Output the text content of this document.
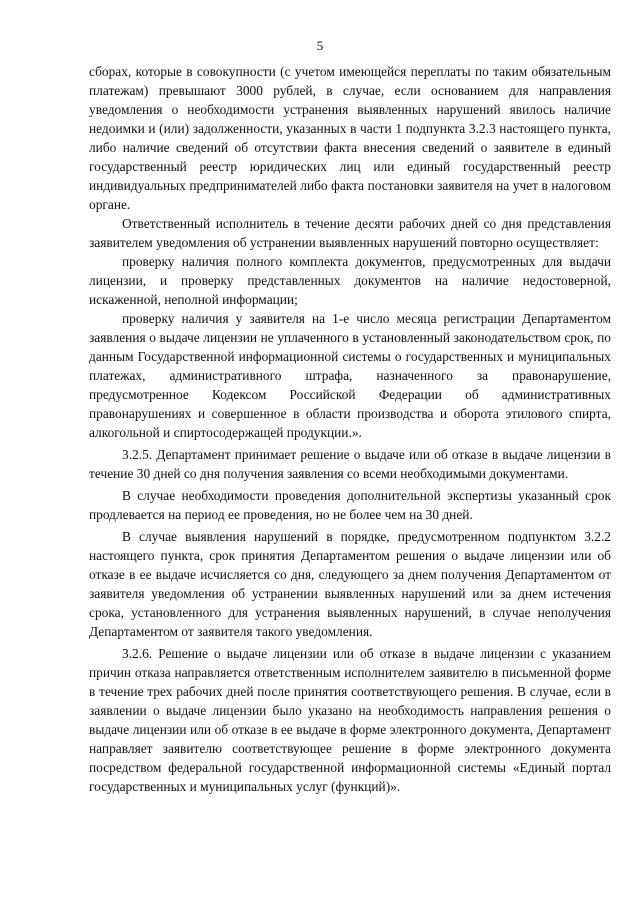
5

сборах, которые в совокупности (с учетом имеющейся переплаты по таким обязательным платежам) превышают 3000 рублей, в случае, если основанием для направления уведомления о необходимости устранения выявленных нарушений явилось наличие недоимки и (или) задолженности, указанных в части 1 подпункта 3.2.3 настоящего пункта, либо наличие сведений об отсутствии факта внесения сведений о заявителе в единый государственный реестр юридических лиц или единый государственный реестр индивидуальных предпринимателей либо факта постановки заявителя на учет в налоговом органе.

Ответственный исполнитель в течение десяти рабочих дней со дня представления заявителем уведомления об устранении выявленных нарушений повторно осуществляет:

проверку наличия полного комплекта документов, предусмотренных для выдачи лицензии, и проверку представленных документов на наличие недостоверной, искаженной, неполной информации;

проверку наличия у заявителя на 1-е число месяца регистрации Департаментом заявления о выдаче лицензии не уплаченного в установленный законодательством срок, по данным Государственной информационной системы о государственных и муниципальных платежах, административного штрафа, назначенного за правонарушение, предусмотренное Кодексом Российской Федерации об административных правонарушениях и совершенное в области производства и оборота этилового спирта, алкогольной и спиртосодержащей продукции.».

3.2.5. Департамент принимает решение о выдаче или об отказе в выдаче лицензии в течение 30 дней со дня получения заявления со всеми необходимыми документами.

В случае необходимости проведения дополнительной экспертизы указанный срок продлевается на период ее проведения, но не более чем на 30 дней.

В случае выявления нарушений в порядке, предусмотренном подпунктом 3.2.2 настоящего пункта, срок принятия Департаментом решения о выдаче лицензии или об отказе в ее выдаче исчисляется со дня, следующего за днем получения Департаментом от заявителя уведомления об устранении выявленных нарушений или за днем истечения срока, установленного для устранения выявленных нарушений, в случае неполучения Департаментом от заявителя такого уведомления.

3.2.6. Решение о выдаче лицензии или об отказе в выдаче лицензии с указанием причин отказа направляется ответственным исполнителем заявителю в письменной форме в течение трех рабочих дней после принятия соответствующего решения. В случае, если в заявлении о выдаче лицензии было указано на необходимость направления решения о выдаче лицензии или об отказе в ее выдаче в форме электронного документа, Департамент направляет заявителю соответствующее решение в форме электронного документа посредством федеральной государственной информационной системы «Единый портал государственных и муниципальных услуг (функций)».
